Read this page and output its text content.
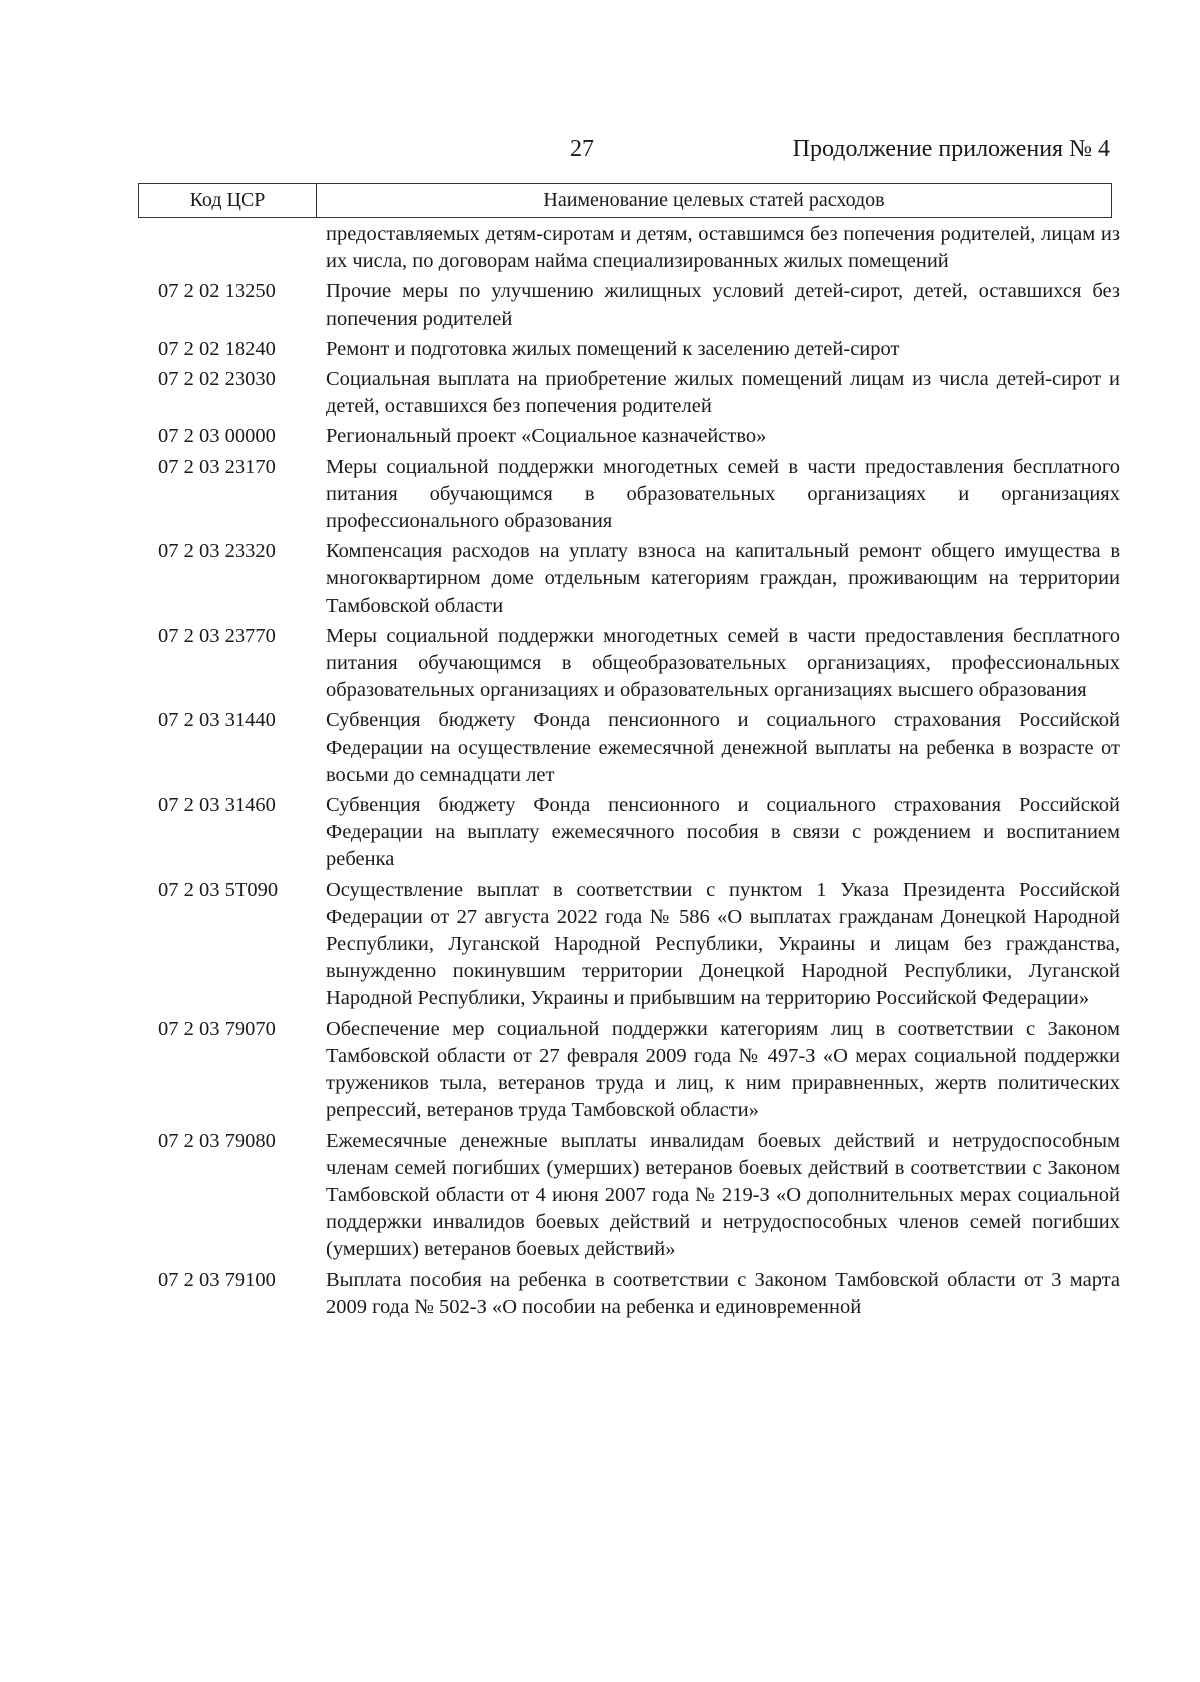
27	Продолжение приложения № 4
Код ЦСР	Наименование целевых статей расходов
предоставляемых детям-сиротам и детям, оставшимся без попечения родителей, лицам из их числа, по договорам найма специализированных жилых помещений
07 2 02 13250	Прочие меры по улучшению жилищных условий детей-сирот, детей, оставшихся без попечения родителей
07 2 02 18240	Ремонт и подготовка жилых помещений к заселению детей-сирот
07 2 02 23030	Социальная выплата на приобретение жилых помещений лицам из числа детей-сирот и детей, оставшихся без попечения родителей
07 2 03 00000	Региональный проект «Социальное казначейство»
07 2 03 23170	Меры социальной поддержки многодетных семей в части предоставления бесплатного питания обучающимся в образовательных организациях и организациях профессионального образования
07 2 03 23320	Компенсация расходов на уплату взноса на капитальный ремонт общего имущества в многоквартирном доме отдельным категориям граждан, проживающим на территории Тамбовской области
07 2 03 23770	Меры социальной поддержки многодетных семей в части предоставления бесплатного питания обучающимся в общеобразовательных организациях, профессиональных образовательных организациях и образовательных организациях высшего образования
07 2 03 31440	Субвенция бюджету Фонда пенсионного и социального страхования Российской Федерации на осуществление ежемесячной денежной выплаты на ребенка в возрасте от восьми до семнадцати лет
07 2 03 31460	Субвенция бюджету Фонда пенсионного и социального страхования Российской Федерации на выплату ежемесячного пособия в связи с рождением и воспитанием ребенка
07 2 03 5Т090	Осуществление выплат в соответствии с пунктом 1 Указа Президента Российской Федерации от 27 августа 2022 года № 586 «О выплатах гражданам Донецкой Народной Республики, Луганской Народной Республики, Украины и лицам без гражданства, вынужденно покинувшим территории Донецкой Народной Республики, Луганской Народной Республики, Украины и прибывшим на территорию Российской Федерации»
07 2 03 79070	Обеспечение мер социальной поддержки категориям лиц в соответствии с Законом Тамбовской области от 27 февраля 2009 года № 497-З «О мерах социальной поддержки тружеников тыла, ветеранов труда и лиц, к ним приравненных, жертв политических репрессий, ветеранов труда Тамбовской области»
07 2 03 79080	Ежемесячные денежные выплаты инвалидам боевых действий и нетрудоспособным членам семей погибших (умерших) ветеранов боевых действий в соответствии с Законом Тамбовской области от 4 июня 2007 года № 219-З «О дополнительных мерах социальной поддержки инвалидов боевых действий и нетрудоспособных членов семей погибших (умерших) ветеранов боевых действий»
07 2 03 79100	Выплата пособия на ребенка в соответствии с Законом Тамбовской области от 3 марта 2009 года № 502-З «О пособии на ребенка и единовременной
